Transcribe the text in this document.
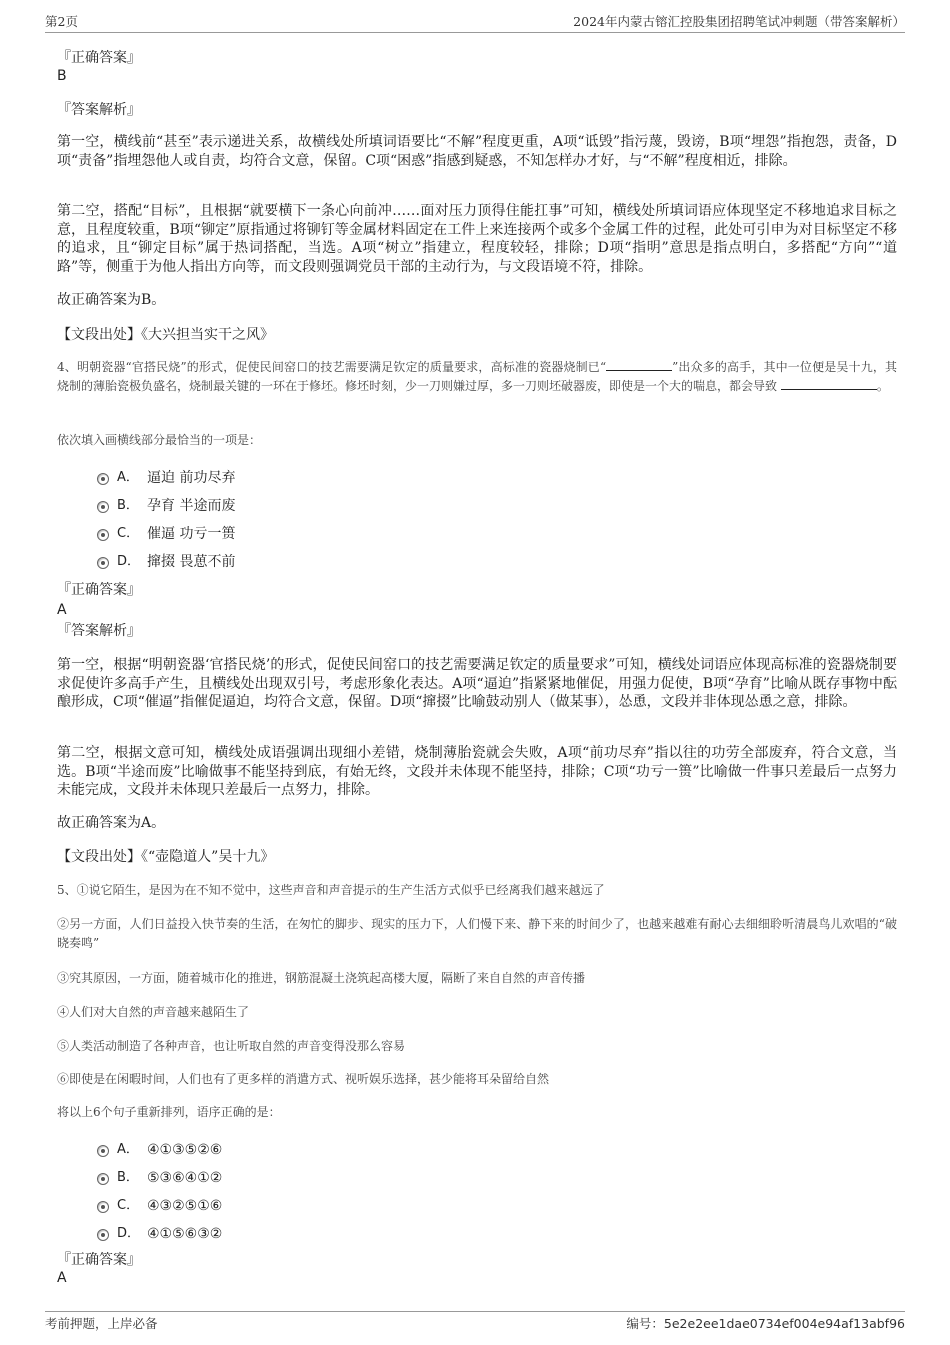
第2页	2024年内蒙古镕汇控股集团招聘笔试冲刺题（带答案解析）
『正确答案』
B
『答案解析』
第一空，横线前“甚至”表示递进关系，故横线处所填词语要比“不解”程度更重，A项“诋毁”指污蔑，毁谤，B项“埋怨”指抱怨，责备，D项“责备”指埋怨他人或自责，均符合文意，保留。C项“困惑”指感到疑惑，不知怎样办才好，与“不解”程度相近，排除。
第二空，搭配“目标”，且根据“就要横下一条心向前冲……面对压力顶得住能扛事”可知，横线处所填词语应体现坚定不移地追求目标之意，且程度较重，B项“铆定”原指通过将铆钉等金属材料固定在工件上来连接两个或多个金属工件的过程，此处可引申为对目标坚定不移的追求，且“铆定目标”属于热词搭配，当选。A项“树立”指建立，程度较轻，排除；D项“指明”意思是指点明白，多搭配“方向”“道路”等，侧重于为他人指出方向等，而文段则强调党员干部的主动行为，与文段语境不符，排除。
故正确答案为B。
【文段出处】《大兴担当实干之风》
4、明朝瓷器“官搭民烧”的形式，促使民间窑口的技艺需要满足钦定的质量要求，高标准的瓷器烧制已“	”出众多的高手，其中一位便是吴十九，其烧制的薄胎瓷极负盛名，烧制最关键的一环在于修坯。修坯时刻，少一刀则嫌过厚，多一刀则坯破器废，即使是一个大的喘息，都会导致	。
依次填入画横线部分最恰当的一项是：
A． 逼迫 前功尽弃
B． 孕育 半途而废
C． 催逼 功亏一篑
D． 撺掇 畏葸不前
『正确答案』
A
『答案解析』
第一空，根据“明朝瓷器‘官搭民烧’的形式，促使民间窑口的技艺需要满足钦定的质量要求”可知，横线处词语应体现高标准的瓷器烧制要求促使许多高手产生，且横线处出现双引号，考虑形象化表达。A项“逼迫”指紧紧地催促，用强力促使，B项“孕育”比喻从既存事物中酝酿形成，C项“催逼”指催促逼迫，均符合文意，保留。D项“撺掇”比喻鼓动别人（做某事），怂恿，文段并非体现怂恿之意，排除。
第二空，根据文意可知，横线处成语强调出现细小差错，烧制薄胎瓷就会失败，A项“前功尽弃”指以往的功劳全部废弃，符合文意，当选。B项“半途而废”比喻做事不能坚持到底，有始无终，文段并未体现不能坚持，排除；C项“功亏一篑”比喻做一件事只差最后一点努力未能完成，文段并未体现只差最后一点努力，排除。
故正确答案为A。
【文段出处】《“壶隐道人”吴十九》
5、①说它陌生，是因为在不知不觉中，这些声音和声音提示的生产生活方式似乎已经离我们越来越远了
②另一方面，人们日益投入快节奏的生活，在匆忙的脚步、现实的压力下，人们慢下来、静下来的时间少了，也越来越难有耐心去细细聆听清晨鸟儿欢唱的“破晓奏鸣”
③究其原因，一方面，随着城市化的推进，钢筋混凝土浇筑起高楼大厦，隔断了来自自然的声音传播
④人们对大自然的声音越来越陌生了
⑤人类活动制造了各种声音，也让听取自然的声音变得没那么容易
⑥即使是在闲暇时间，人们也有了更多样的消遣方式、视听娱乐选择，甚少能将耳朵留给自然
将以上6个句子重新排列，语序正确的是：
A． ④①③⑤②⑥
B． ⑤③⑥④①②
C． ④③②⑤①⑥
D． ④①⑤⑥③②
『正确答案』
A
考前押题，上岸必备	编号：5e2e2ee1dae0734ef004e94af13abf96
